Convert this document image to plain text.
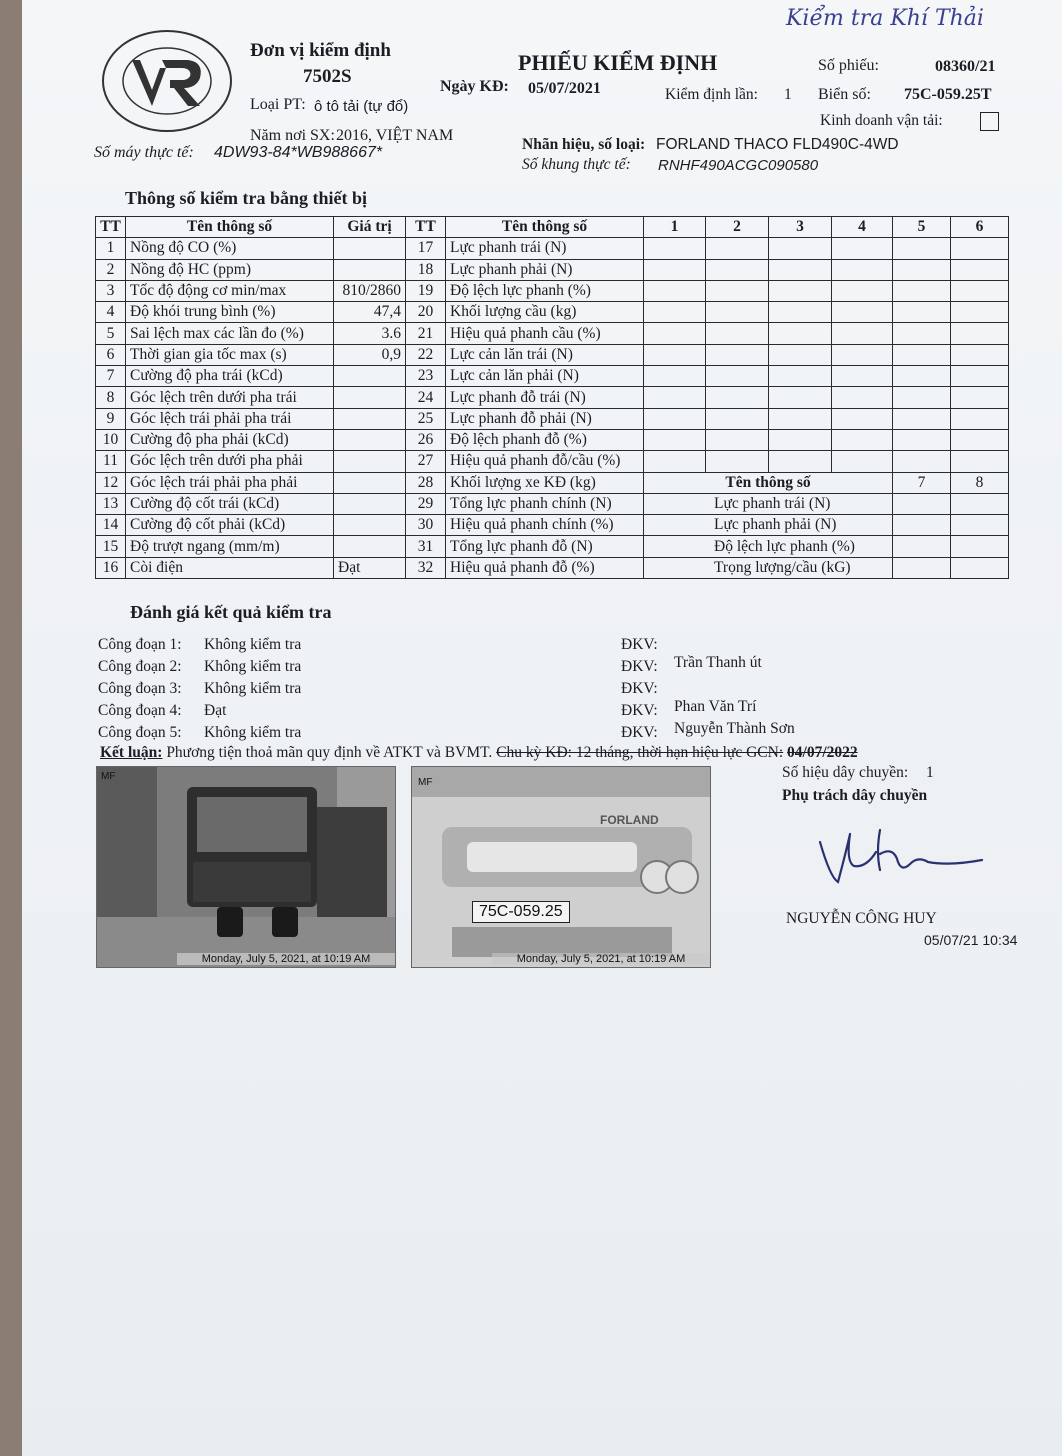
Kiểm tra Khí Thải
Đơn vị kiểm định
7502S
Loại PT: ô tô tải (tự đổ)
Năm nơi SX: 2016, VIỆT NAM
Số máy thực tế: 4DW93-84*WB988667*
PHIẾU KIỂM ĐỊNH
Ngày KĐ: 05/07/2021
Số phiếu:	08360/21
Kiểm định lần: 1 Biển số: 75C-059.25T
Kinh doanh vận tải:
Nhãn hiệu, số loại: FORLAND THACO FLD490C-4WD
Số khung thực tế: RNHF490ACGC090580
Thông số kiểm tra bằng thiết bị
TT	Tên thông số	Giá trị	TT	Tên thông số	1	2	3	4	5	6
1	Nồng độ CO (%)		17	Lực phanh trái (N)						
2	Nồng độ HC (ppm)		18	Lực phanh phải (N)						
3	Tốc độ động cơ min/max	810/2860	19	Độ lệch lực phanh (%)						
4	Độ khói trung bình (%)	47,4	20	Khối lượng cầu (kg)						
5	Sai lệch max các lần đo (%)	3.6	21	Hiệu quả phanh cầu (%)						
6	Thời gian gia tốc max (s)	0,9	22	Lực cản lăn trái (N)						
7	Cường độ pha trái (kCd)		23	Lực cản lăn phải (N)						
8	Góc lệch trên dưới pha trái		24	Lực phanh đỗ trái (N)						
9	Góc lệch trái phải pha trái		25	Lực phanh đỗ phải (N)						
10	Cường độ pha phải (kCd)		26	Độ lệch phanh đỗ (%)						
11	Góc lệch trên dưới pha phải		27	Hiệu quả phanh đỗ/cầu (%)						
12	Góc lệch trái phải pha phải		28	Khối lượng xe KĐ (kg)	Tên thông số				7	8
13	Cường độ cốt trái (kCd)		29	Tổng lực phanh chính (N)	Lực phanh trái (N)					
14	Cường độ cốt phải (kCd)		30	Hiệu quả phanh chính (%)	Lực phanh phải (N)					
15	Độ trượt ngang (mm/m)		31	Tổng lực phanh đỗ (N)	Độ lệch lực phanh (%)					
16	Còi điện	Đạt	32	Hiệu quả phanh đỗ (%)	Trọng lượng/cầu (kG)					
Đánh giá kết quả kiểm tra
Công đoạn 1: Không kiểm tra	ĐKV:
Công đoạn 2: Không kiểm tra	ĐKV: Trần Thanh út
Công đoạn 3: Không kiểm tra	ĐKV:
Công đoạn 4: Đạt	ĐKV: Phan Văn Trí
Công đoạn 5: Không kiểm tra	ĐKV: Nguyễn Thành Sơn
Kết luận: Phương tiện thoả mãn quy định về ATKT và BVMT. Chu kỳ KĐ: 12 tháng, thời hạn hiệu lực GCN: 04/07/2022
MF
Monday, July 5, 2021, at 10:19 AM
MF
FORLAND
75C-059.25
Monday, July 5, 2021, at 10:19 AM
Số hiệu dây chuyền: 1
Phụ trách dây chuyền
NGUYỄN CÔNG HUY
05/07/21 10:34
